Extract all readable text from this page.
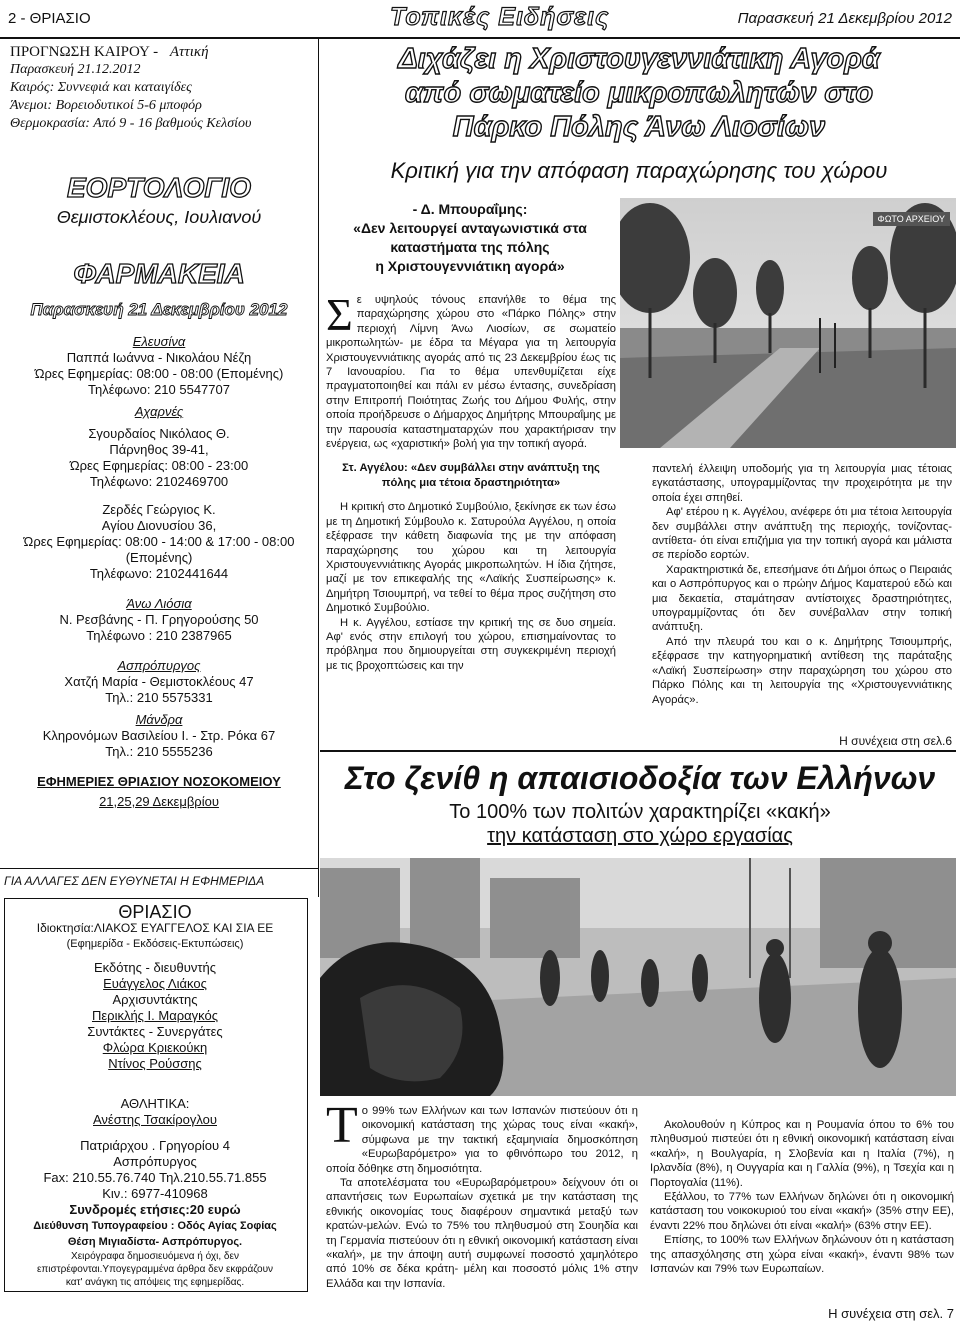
2 - ΘΡΙΑΣΙΟ	Τοπικές Ειδήσεις	Παρασκευή 21 Δεκεμβρίου 2012
ΠΡΟΓΝΩΣΗ ΚΑΙΡΟΥ - Αττική
Παρασκευή 21.12.2012
Καιρός: Συννεφιά και καταιγίδες
Άνεμοι: Βορειοδυτικοί 5-6 μποφόρ
Θερμοκρασία: Από 9 - 16 βαθμούς Κελσίου
ΕΟΡΤΟΛΟΓΙΟ
Θεμιστοκλέους, Ιουλιανού
ΦΑΡΜΑΚΕΙΑ
Παρασκευή 21 Δεκεμβρίου 2012
Ελευσίνα
Παππά Ιωάννα - Νικολάου Νέζη
Ώρες Εφημερίας: 08:00 - 08:00 (Επομένης)
Τηλέφωνο: 210 5547707
Αχαρνές
Σγουρδαίος Νικόλαος Θ.
Πάρνηθος 39-41,
Ώρες Εφημερίας: 08:00 - 23:00
Τηλέφωνο: 2102469700
Ζερδές Γεώργιος Κ.
Αγίου Διονυσίου 36,
Ώρες Εφημερίας: 08:00 - 14:00 & 17:00 - 08:00
(Επομένης)
Τηλέφωνο: 2102441644
Άνω Λιόσια
Ν. Ρεσβάνης - Π. Γρηγορούσης 50
Τηλέφωνο : 210 2387965
Ασπρόπυργος
Χατζή Μαρία - Θεμιστοκλέους 47
Τηλ.: 210 5575331
Μάνδρα
Κληρονόμων Βασιλείου Ι. - Στρ. Ρόκα 67
Τηλ.: 210 5555236
ΕΦΗΜΕΡΙΕΣ ΘΡΙΑΣΙΟΥ ΝΟΣΟΚΟΜΕΙΟΥ
21,25,29 Δεκεμβρίου
ΓΙΑ ΑΛΛΑΓΕΣ ΔΕΝ ΕΥΘΥΝΕΤΑΙ Η ΕΦΗΜΕΡΙΔΑ
ΘΡΙΑΣΙΟ
Ιδιοκτησία:ΛΙΑΚΟΣ ΕΥΑΓΓΕΛΟΣ ΚΑΙ ΣΙΑ ΕΕ
(Εφημερίδα - Εκδόσεις-Εκτυπώσεις)
Εκδότης - διευθυντής
Ευάγγελος Λιάκος
Αρχισυντάκτης
Περικλής Ι. Μαραγκός
Συντάκτες - Συνεργάτες
Φλώρα Κριεκούκη
Ντίνος Ρούσσης
ΑΘΛΗΤΙΚΑ:
Ανέστης Τσακίρογλου
Πατριάρχου . Γρηγορίου 4
Ασπρόπυργος
Fax: 210.55.76.740 Τηλ.210.55.71.855
Κιν.: 6977-410968
Συνδρομές ετήσιες:20 ευρώ
Διεύθυνση Τυπογραφείου : Οδός Αγίας Σοφίας
Θέση Μιγιαδίστα- Ασπρόπυργος.
Χειρόγραφα δημοσιευόμενα ή όχι, δεν
επιστρέφονται.Υπογεγραμμένα άρθρα δεν εκφράζουν
κατ' ανάγκη τις απόψεις της εφημερίδας.
Διχάζει η Χριστουγεννιάτικη Αγορά
από σωματείο μικροπωλητών στο
Πάρκο Πόλης Άνω Λιοσίων
Κριτική για την απόφαση παραχώρησης του χώρου
- Δ. Μπουραΐμης:
«Δεν λειτουργεί ανταγωνιστικά στα
καταστήματα της πόλης
η Χριστουγεννιάτικη αγορά»
ΦΩΤΟ ΑΡΧΕΙΟΥ
Σ ε υψηλούς τόνους επανήλθε το θέμα της παραχώρησης χώρου στο «Πάρκο Πόλης» στην περιοχή Λίμνη Άνω Λιοσίων, σε σωματείο μικροπωλητών- με έδρα τα Μέγαρα για τη λειτουργία Χριστουγεννιάτικης αγοράς από τις 23 Δεκεμβρίου έως τις 7 Ιανουαρίου. Για το θέμα υπενθυμίζεται είχε πραγματοποιηθεί και πάλι εν μέσω έντασης, συνεδρίαση στην Επιτροπή Ποιότητας Ζωής του Δήμου Φυλής, στην οποία προήδρευσε ο Δήμαρχος Δημήτρης Μπουραΐμης με την παρουσία καταστηματαρχών που χαρακτήρισαν την ενέργεια, ως «χαριστική» βολή για την τοπική αγορά.
Στ. Αγγέλου: «Δεν συμβάλλει στην ανάπτυξη της
πόλης μια τέτοια δραστηριότητα»
Η κριτική στο Δημοτικό Συμβούλιο, ξεκίνησε εκ των έσω με τη Δημοτική Σύμβουλο κ. Σατυρούλα Αγγέλου, η οποία εξέφρασε την κάθετη διαφωνία της με την απόφαση παραχώρησης του χώρου και τη λειτουργία Χριστουγεννιάτικης Αγοράς μικροπωλητών. Η ίδια ζήτησε, μαζί με τον επικεφαλής της «Λαϊκής Συσπείρωσης» κ. Δημήτρη Τσιουμπρή, να τεθεί το θέμα προς συζήτηση στο Δημοτικό Συμβούλιο.
Η κ. Αγγέλου, εστίασε την κριτική της σε δυο σημεία. Αφ' ενός στην επιλογή του χώρου, επισημαίνοντας το πρόβλημα που δημιουργείται στη συγκεκριμένη περιοχή με τις βροχοπτώσεις και την
παντελή έλλειψη υποδομής για τη λειτουργία μιας τέτοιας εγκατάστασης, υπογραμμίζοντας την προχειρότητα με την οποία έχει σπηθεί.
Αφ' ετέρου η κ. Αγγέλου, ανέφερε ότι μια τέτοια λειτουργία δεν συμβάλλει στην ανάπτυξη της περιοχής, τονίζοντας- αντίθετα- ότι είναι επιζήμια για την τοπική αγορά και μάλιστα σε περίοδο εορτών.
Χαρακτηριστικά δε, επεσήμανε ότι Δήμοι όπως ο Πειραιάς και ο Ασπρόπυργος και ο πρώην Δήμος Καματερού εδώ και μια δεκαετία, σταμάτησαν αντίστοιχες δραστηριότητες, υπογραμμίζοντας ότι δεν συνέβαλλαν στην τοπική ανάπτυξη.
Από την πλευρά του και ο κ. Δημήτρης Τσιουμπρής, εξέφρασε την κατηγορηματική αντίθεση της παράταξης «Λαϊκή Συσπείρωση» στην παραχώρηση του χώρου στο Πάρκο Πόλης και τη λειτουργία της «Χριστουγεννιάτικης Αγοράς».
Η συνέχεια στη σελ.6
Στο ζενίθ η απαισιοδοξία των Ελλήνων
Το 100% των πολιτών χαρακτηρίζει «κακή»
την κατάσταση στο χώρο εργασίας
Τ ο 99% των Ελλήνων και των Ισπανών πιστεύουν ότι η οικονομική κατάσταση της χώρας τους είναι «κακή», σύμφωνα με την τακτική εξαμηνιαία δημοσκόπηση «Ευρωβαρόμετρο» για το φθινόπωρο του 2012, η οποία δόθηκε στη δημοσιότητα.
Τα αποτελέσματα του «Ευρωβαρόμετρου» δείχνουν ότι οι απαντήσεις των Ευρωπαίων σχετικά με την κατάσταση της εθνικής οικονομίας τους διαφέρουν σημαντικά μεταξύ των κρατών-μελών. Ενώ το 75% του πληθυσμού στη Σουηδία και τη Γερμανία πιστεύουν ότι η εθνική οικονομική κατάσταση είναι «καλή», με την άποψη αυτή συμφωνεί ποσοστό χαμηλότερο από 10% σε δέκα κράτη- μέλη και ποσοστό μόλις 1% στην Ελλάδα και την Ισπανία.
Ακολουθούν η Κύπρος και η Ρουμανία όπου το 6% του πληθυσμού πιστεύει ότι η εθνική οικονομική κατάσταση είναι «καλή», η Βουλγαρία, η Σλοβενία και η Ιταλία (7%), η Ιρλανδία (8%), η Ουγγαρία και η Γαλλία (9%), η Τσεχία και η Πορτογαλία (11%).
Εξάλλου, το 77% των Ελλήνων δηλώνει ότι η οικονομική κατάσταση του νοικοκυριού του είναι «κακή» (35% στην ΕΕ), έναντι 22% που δηλώνει ότι είναι «καλή» (63% στην ΕΕ).
Επίσης, το 100% των Ελλήνων δηλώνουν ότι η κατάσταση της απασχόλησης στη χώρα είναι «κακή», έναντι 98% των Ισπανών και 79% των Ευρωπαίων.
Η συνέχεια στη σελ. 7
